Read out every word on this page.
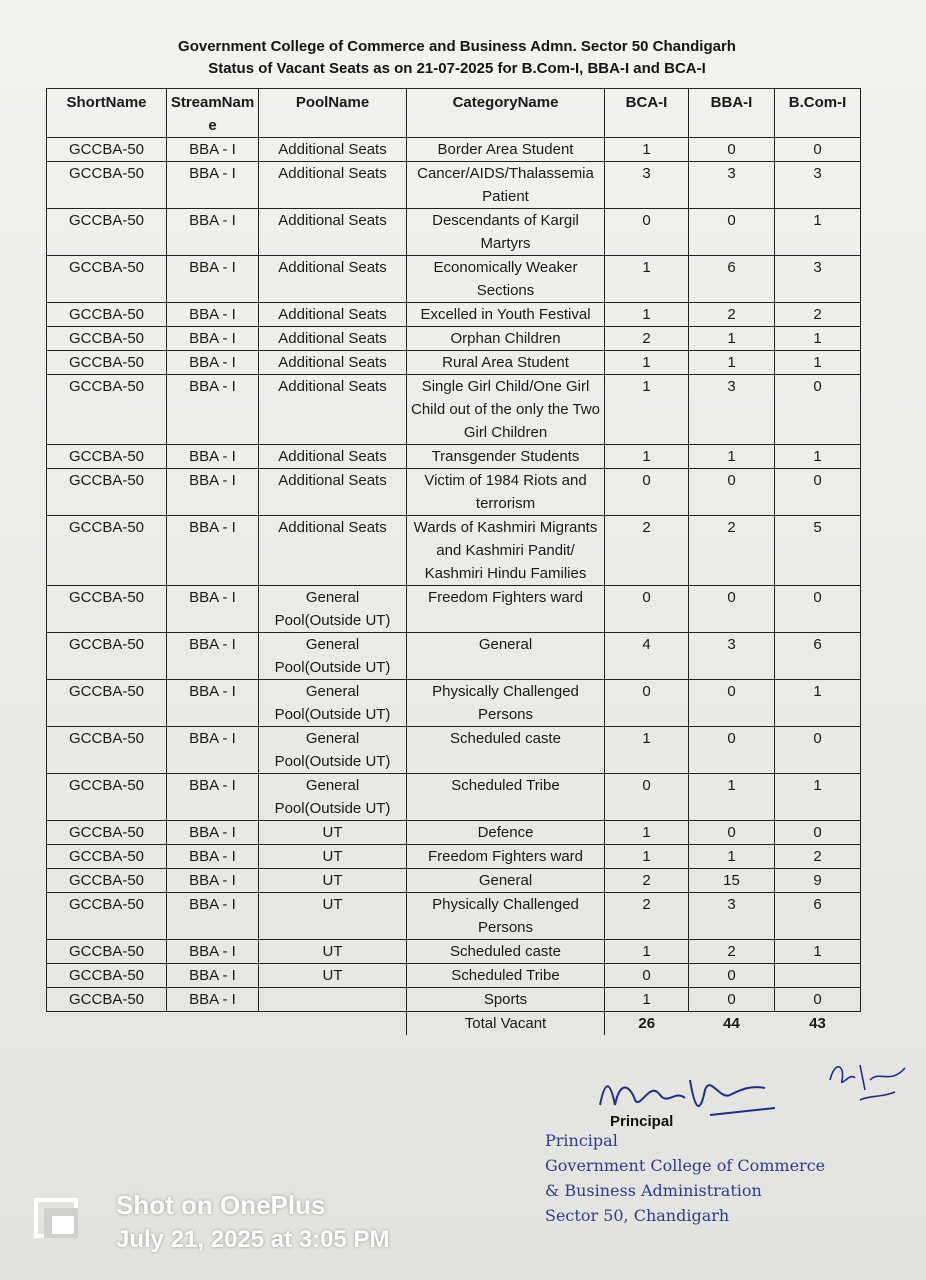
Government College of Commerce and Business Admn. Sector 50 Chandigarh
Status of Vacant Seats as on 21-07-2025 for B.Com-I, BBA-I and BCA-I
ShortName	StreamName	PoolName	CategoryName	BCA-I	BBA-I	B.Com-I
GCCBA-50	BBA - I	Additional Seats	Border Area Student	1	0	0
GCCBA-50	BBA - I	Additional Seats	Cancer/AIDS/Thalassemia Patient	3	3	3
GCCBA-50	BBA - I	Additional Seats	Descendants of Kargil Martyrs	0	0	1
GCCBA-50	BBA - I	Additional Seats	Economically Weaker Sections	1	6	3
GCCBA-50	BBA - I	Additional Seats	Excelled in Youth Festival	1	2	2
GCCBA-50	BBA - I	Additional Seats	Orphan Children	2	1	1
GCCBA-50	BBA - I	Additional Seats	Rural Area Student	1	1	1
GCCBA-50	BBA - I	Additional Seats	Single Girl Child/One Girl Child out of the only the Two Girl Children	1	3	0
GCCBA-50	BBA - I	Additional Seats	Transgender Students	1	1	1
GCCBA-50	BBA - I	Additional Seats	Victim of 1984 Riots and terrorism	0	0	0
GCCBA-50	BBA - I	Additional Seats	Wards of Kashmiri Migrants and Kashmiri Pandit/ Kashmiri Hindu Families	2	2	5
GCCBA-50	BBA - I	General Pool(Outside UT)	Freedom Fighters ward	0	0	0
GCCBA-50	BBA - I	General Pool(Outside UT)	General	4	3	6
GCCBA-50	BBA - I	General Pool(Outside UT)	Physically Challenged Persons	0	0	1
GCCBA-50	BBA - I	General Pool(Outside UT)	Scheduled caste	1	0	0
GCCBA-50	BBA - I	General Pool(Outside UT)	Scheduled Tribe	0	1	1
GCCBA-50	BBA - I	UT	Defence	1	0	0
GCCBA-50	BBA - I	UT	Freedom Fighters ward	1	1	2
GCCBA-50	BBA - I	UT	General	2	15	9
GCCBA-50	BBA - I	UT	Physically Challenged Persons	2	3	6
GCCBA-50	BBA - I	UT	Scheduled caste	1	2	1
GCCBA-50	BBA - I	UT	Scheduled Tribe	0	0	
GCCBA-50	BBA - I		Sports	1	0	0
			Total Vacant	26	44	43
Principal
Principal
Government College of Commerce
& Business Administration
Sector 50, Chandigarh
Shot on OnePlus
July 21, 2025 at 3:05 PM
